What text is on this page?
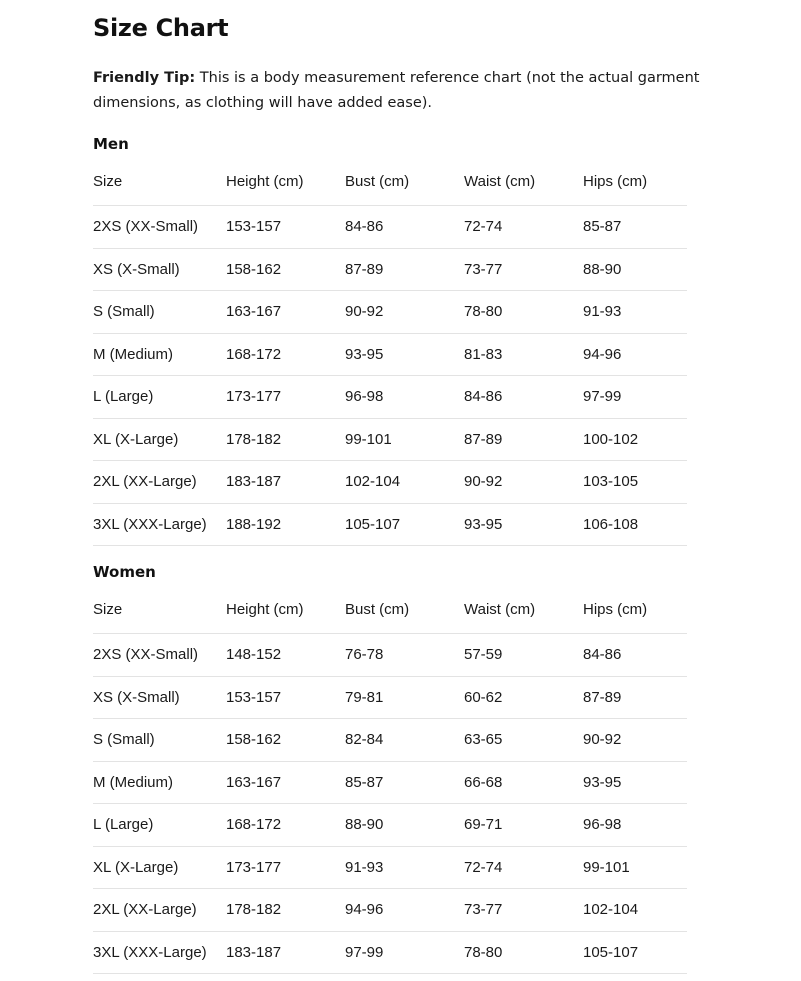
Size Chart

Friendly Tip: This is a body measurement reference chart (not the actual garment dimensions, as clothing will have added ease).

Men
Size	Height (cm)	Bust (cm)	Waist (cm)	Hips (cm)
2XS (XX-Small)	153-157	84-86	72-74	85-87
XS (X-Small)	158-162	87-89	73-77	88-90
S (Small)	163-167	90-92	78-80	91-93
M (Medium)	168-172	93-95	81-83	94-96
L (Large)	173-177	96-98	84-86	97-99
XL (X-Large)	178-182	99-101	87-89	100-102
2XL (XX-Large)	183-187	102-104	90-92	103-105
3XL (XXX-Large)	188-192	105-107	93-95	106-108
Women
Size	Height (cm)	Bust (cm)	Waist (cm)	Hips (cm)
2XS (XX-Small)	148-152	76-78	57-59	84-86
XS (X-Small)	153-157	79-81	60-62	87-89
S (Small)	158-162	82-84	63-65	90-92
M (Medium)	163-167	85-87	66-68	93-95
L (Large)	168-172	88-90	69-71	96-98
XL (X-Large)	173-177	91-93	72-74	99-101
2XL (XX-Large)	178-182	94-96	73-77	102-104
3XL (XXX-Large)	183-187	97-99	78-80	105-107
